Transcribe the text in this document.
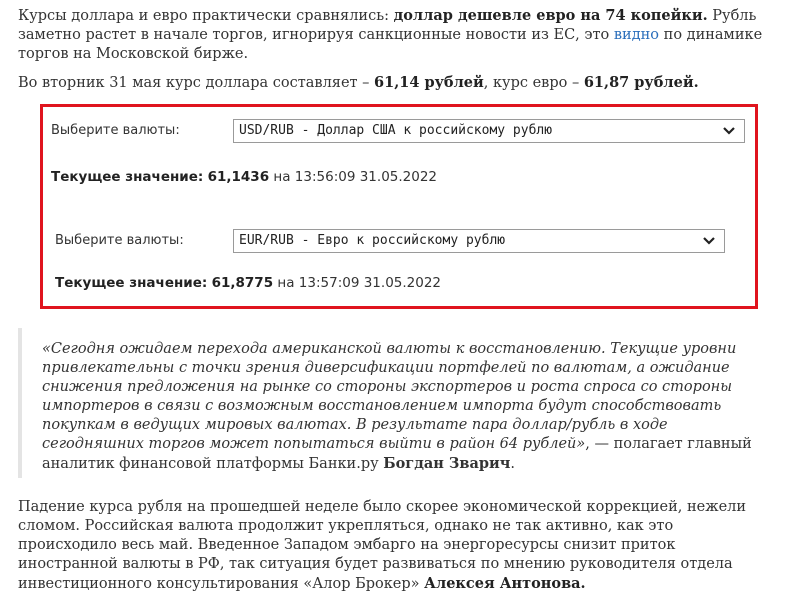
Курсы доллара и евро практически сравнялись: доллар дешевле евро на 74 копейки. Рубль заметно растет в начале торгов, игнорируя санкционные новости из ЕС, это видно по динамике торгов на Московской бирже.

Во вторник 31 мая курс доллара составляет – 61,14 рублей, курс евро – 61,87 рублей.

Выберите валюты:	USD/RUB - Доллар США к российскому рублю
Текущее значение: 61,1436 на 13:56:09 31.05.2022
Выберите валюты:	EUR/RUB - Евро к российскому рублю
Текущее значение: 61,8775 на 13:57:09 31.05.2022
«Сегодня ожидаем перехода американской валюты к восстановлению. Текущие уровни привлекательны с точки зрения диверсификации портфелей по валютам, а ожидание снижения предложения на рынке со стороны экспортеров и роста спроса со стороны импортеров в связи с возможным восстановлением импорта будут способствовать покупкам в ведущих мировых валютах. В результате пара доллар/рубль в ходе сегодняшних торгов может попытаться выйти в район 64 рублей», — полагает главный аналитик финансовой платформы Банки.ру Богдан Зварич.

Падение курса рубля на прошедшей неделе было скорее экономической коррекцией, нежели сломом. Российская валюта продолжит укрепляться, однако не так активно, как это происходило весь май. Введенное Западом эмбарго на энергоресурсы снизит приток иностранной валюты в РФ, так ситуация будет развиваться по мнению руководителя отдела инвестиционного консультирования «Алор Брокер» Алексея Антонова.
